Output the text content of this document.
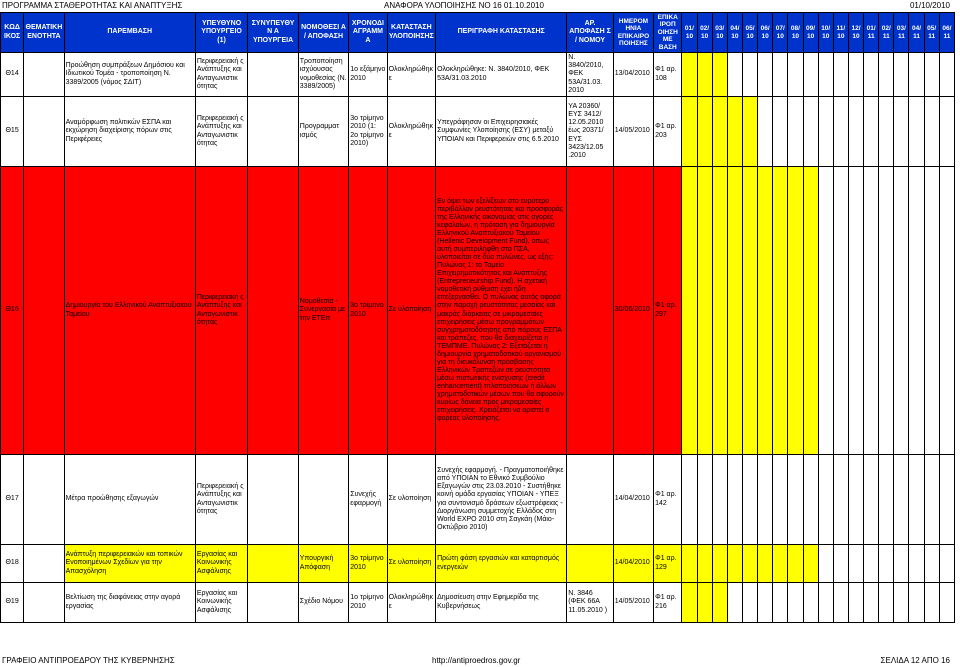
ΠΡΟΓΡΑΜΜΑ ΣΤΑΘΕΡΟΤΗΤΑΣ ΚΑΙ ΑΝΑΠΤΥΞΗΣ	ΑΝΑΦΟΡΑ ΥΛΟΠΟΙΗΣΗΣ ΝΟ 16 01.10.2010	01/10/2010
ΚΩΔ ΙΚΟΣ	ΘΕΜΑΤΙΚΗ ΕΝΟΤΗΤΑ	ΠΑΡΕΜΒΑΣΗ	ΥΠΕΥΘΥΝΟ ΥΠΟΥΡΓΕΙΟ (1)	ΣΥΝΥΠΕΥΘΥΝ Α ΥΠΟΥΡΓΕΙΑ	ΝΟΜΟΘΕΣΙ Α / ΑΠΟΦΑΣΗ	ΧΡΟΝΟΔΙ ΑΓΡΑΜΜ Α	ΚΑΤΑΣΤΑΣΗ ΥΛΟΠΟΙΗΣΗΣ	ΠΕΡΙΓΡΑΦΗ ΚΑΤΑΣΤΑΣΗΣ	ΑΡ. ΑΠΟΦΑΣΗ Σ / ΝΟΜΟΥ	ΗΜΕΡΟΜ ΗΝΙΑ ΕΠΙΚΑΙΡΟ ΠΟΙΗΣΗΣ	ΕΠΙΚΑ ΙΡΟΠ ΟΙΗΣΗ ΜΕ ΒΑΣΗ	01/ 10	02/ 10	03/ 10	04/ 10	05/ 10	06/ 10	07/ 10	08/ 10	09/ 10	10/ 10	11/ 10	12/ 10	01/ 11	02/ 11	03/ 11	04/ 11	05/ 11	06/ 11
Θ14		Προώθηση συμπράξεων Δημόσιου και Ιδιωτικού Τομέα - τροποποίηση Ν. 3389/2005 (νόμος ΣΔΙΤ)	Περιφερειακή ς Ανάπτυξης και Ανταγωνιστικ ότητας		Τροποποίηση ισχύουσας νομοθεσίας (Ν. 3389/2005)	1ο εξάμηνο 2010	Ολοκληρώθηκ ε	Ολοκληρώθηκε: Ν. 3840/2010, ΦΕΚ 53Α/31.03.2010	Ν. 3840/2010, ΦΕΚ 53Α/31.03. 2010	13/04/2010	Φ1 αρ. 108																		
Θ15		Αναμόρφωση πολιτικών ΕΣΠΑ και εκχώρηση διαχείρισης πόρων στις Περιφέρειες	Περιφερειακή ς Ανάπτυξης και Ανταγωνιστικ ότητας		Προγραμματ ισμός	3ο τρίμηνο 2010 (1: 2ο τρίμηνο 2010)	Ολοκληρώθηκ ε	Υπεγράφησαν οι Επιχειρησιακές Συμφωνίες Υλοποίησης (ΕΣΥ) μεταξύ ΥΠΟΙΑΝ και Περιφερειών στις 6.5.2010	ΥΑ 20360/ΕΥΣ 3412/ 12.05.2010 έως 20371/ΕΥΣ 3423/12.05 .2010	14/05/2010	Φ1 αρ. 203																		
Θ16		Δημιουργία του Ελληνικού Αναπτυξιακού Ταμείου	Περιφερειακή ς Ανάπτυξης και Ανταγωνιστικ ότητας		Νομοθεσία - Συνεργασία με την ΕΤΕπ	3ο τρίμηνο 2010	Σε υλοποίηση	Εν όψει των εξελίξεων στο ευρύτερο περιβάλλον ρευστότητας και προσφοράς της Ελληνικής οικονομίας στις αγορές κεφαλαίων, η πρόταση για δημιουργία Ελληνικού Αναπτυξιακού Ταμείου (Hellenic Development Fund), όπως αυτή συμπεριλήφθη στο ΠΣΑ, υλοποιείται σε δύο πυλώνες, ως εξής: Πυλώνας 1: το Ταμείο Επιχειρηματικότητας και Ανάπτυξης (Entrepreneurship Fund). Η σχετική νομοθετική ρύθμιση έχει ήδη επεξεργασθεί. Ο πυλώνας αυτός αφορά στην παροχή ρευστότητας μεσαίας και μακράς διάρκειας σε μικρομεσαίες επιχειρήσεις μέσω προγραμμάτων συγχρηματοδότησης από πόρους ΕΣΠΑ και τράπεζες, που θα διαχειρίζεται η ΤΕΜΠΜΕ. Πυλώνας 2: Εξετάζεται η δημιουργία χρηματοδοτικού οργανισμού για τη διευκόλυνση πρόσβασης Ελληνικών Τραπεζών σε ρευστότητα μέσω πιστωτικής ενίσχυσης (credit enhancement) τιτλοποιήσεων ή άλλων χρηματοδοτικών μέσων που θα αφορούν κυρίως δάνεια προς μικρομεσαίες επιχειρήσεις. Χρειάζεται να οριστεί ο φορέας υλοποίησης.		30/06/2010	Φ1 αρ. 297																		
Θ17		Μέτρα προώθησης εξαγωγών	Περιφερειακή ς Ανάπτυξης και Ανταγωνιστικ ότητας			Συνεχής εφαρμογή	Σε υλοποίηση	Συνεχής εφαρμογή. - Πραγματοποιήθηκε από ΥΠΟΙΑΝ το Εθνικό Συμβούλιο Εξαγωγών στις 23.03.2010 - Συστήθηκε κοινή ομάδα εργασίας ΥΠΟΙΑΝ - ΥΠΕΞ για συντονισμό δράσεων εξωστρέφειας - Διοργάνωση συμμετοχής Ελλάδος στη World EXPO 2010 στη Σαγκάη (Μάιο-Οκτώβριο 2010)		14/04/2010	Φ1 αρ. 142																		
Θ18		Ανάπτυξη περιφερειακών και τοπικών Ενοποιημένων Σχεδίων για την Απασχόληση	Εργασίας και Κοινωνικής Ασφάλισης		Υπουργική Απόφαση	3ο τρίμηνο 2010	Σε υλοποίηση	Πρώτη φάση εργασιών και καταρτισμός ενεργειών		14/04/2010	Φ1 αρ. 129																		
Θ19		Βελτίωση της διαφάνειας στην αγορά εργασίας	Εργασίας και Κοινωνικής Ασφάλισης		Σχέδιο Νόμου	1ο τρίμηνο 2010	Ολοκληρώθηκ ε	Δημοσίευση στην Εφημερίδα της Κυβερνήσεως	Ν. 3846 (ΦΕΚ 66Α 11.05.2010 )	14/05/2010	Φ1 αρ. 216																		
ΓΡΑΦΕΙΟ ΑΝΤΙΠΡΟΕΔΡΟΥ ΤΗΣ ΚΥΒΕΡΝΗΣΗΣ	http://antiproedros.gov.gr	ΣΕΛΙΔΑ 12 ΑΠΟ 16
